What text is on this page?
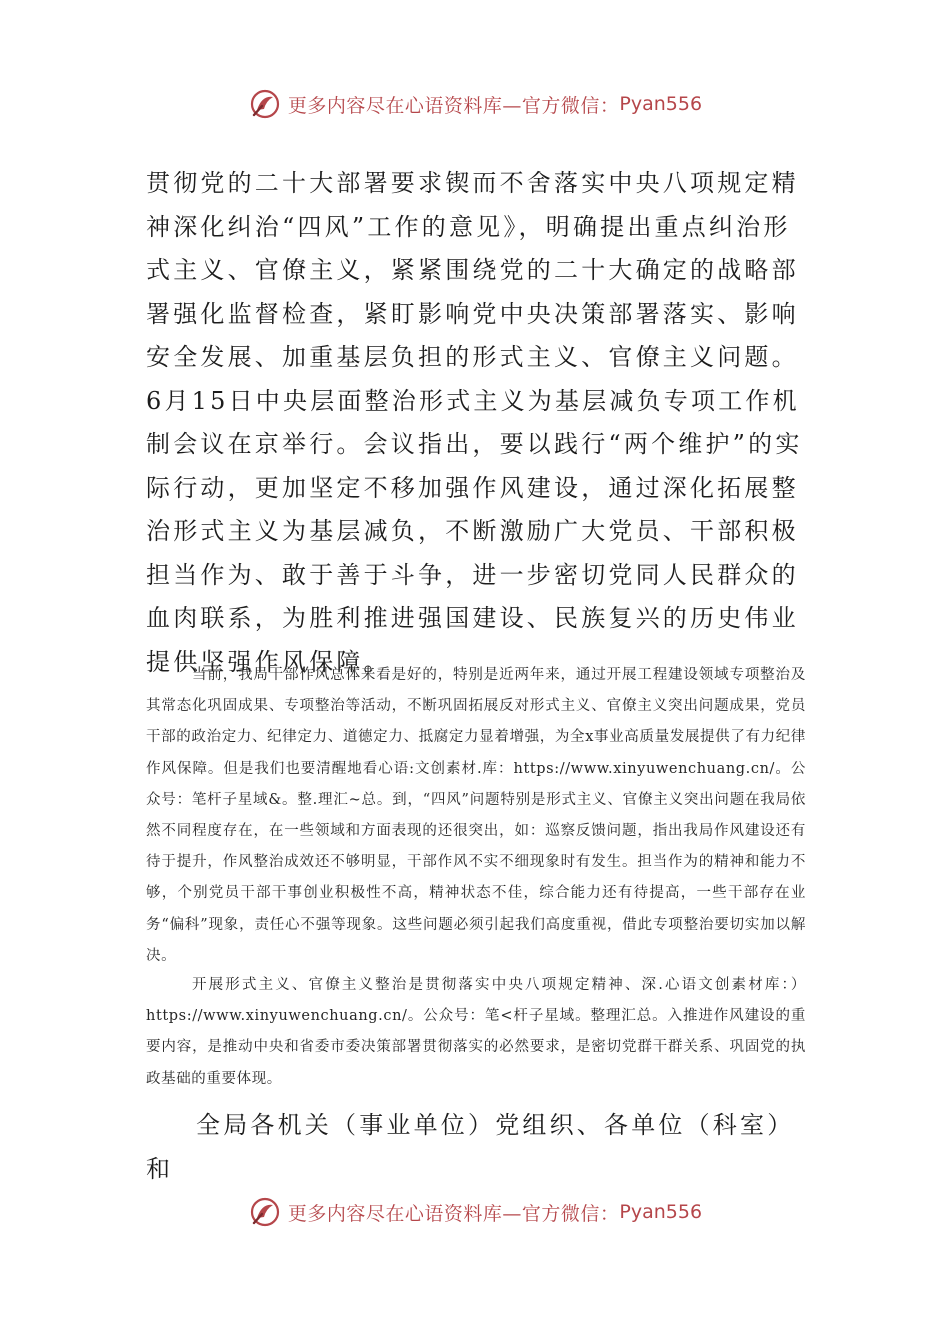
更多内容尽在心语资料库—官方微信： Pyan556

贯彻党的二十大部署要求锲而不舍落实中央八项规定精神深化纠治“四风”工作的意见》，明确提出重点纠治形式主义、官僚主义，紧紧围绕党的二十大确定的战略部署强化监督检查，紧盯影响党中央决策部署落实、影响安全发展、加重基层负担的形式主义、官僚主义问题。6月15日中央层面整治形式主义为基层减负专项工作机制会议在京举行。会议指出，要以践行“两个维护”的实际行动，更加坚定不移加强作风建设，通过深化拓展整治形式主义为基层减负，不断激励广大党员、干部积极担当作为、敢于善于斗争，进一步密切党同人民群众的血肉联系，为胜利推进强国建设、民族复兴的历史伟业提供坚强作风保障。

当前，我局干部作风总体来看是好的，特别是近两年来，通过开展工程建设领域专项整治及其常态化巩固成果、专项整治等活动，不断巩固拓展反对形式主义、官僚主义突出问题成果，党员干部的政治定力、纪律定力、道德定力、抵腐定力显着增强，为全x事业高质量发展提供了有力纪律作风保障。但是我们也要清醒地看心语:文创素材.库：https://www.xinyuwenchuang.cn/。公众号：笔杆子星域&。整.理汇~总。到，“四风”问题特别是形式主义、官僚主义突出问题在我局依然不同程度存在，在一些领域和方面表现的还很突出，如：巡察反馈问题，指出我局作风建设还有待于提升，作风整治成效还不够明显，干部作风不实不细现象时有发生。担当作为的精神和能力不够，个别党员干部干事创业积极性不高，精神状态不佳，综合能力还有待提高，一些干部存在业务“偏科”现象，责任心不强等现象。这些问题必须引起我们高度重视，借此专项整治要切实加以解决。

开展形式主义、官僚主义整治是贯彻落实中央八项规定精神、深.心语文创素材库：）https://www.xinyuwenchuang.cn/。公众号：笔<杆子星域。整理汇总。入推进作风建设的重要内容，是推动中央和省委市委决策部署贯彻落实的必然要求，是密切党群干群关系、巩固党的执政基础的重要体现。

全局各机关（事业单位）党组织、各单位（科室）和

更多内容尽在心语资料库—官方微信： Pyan556
